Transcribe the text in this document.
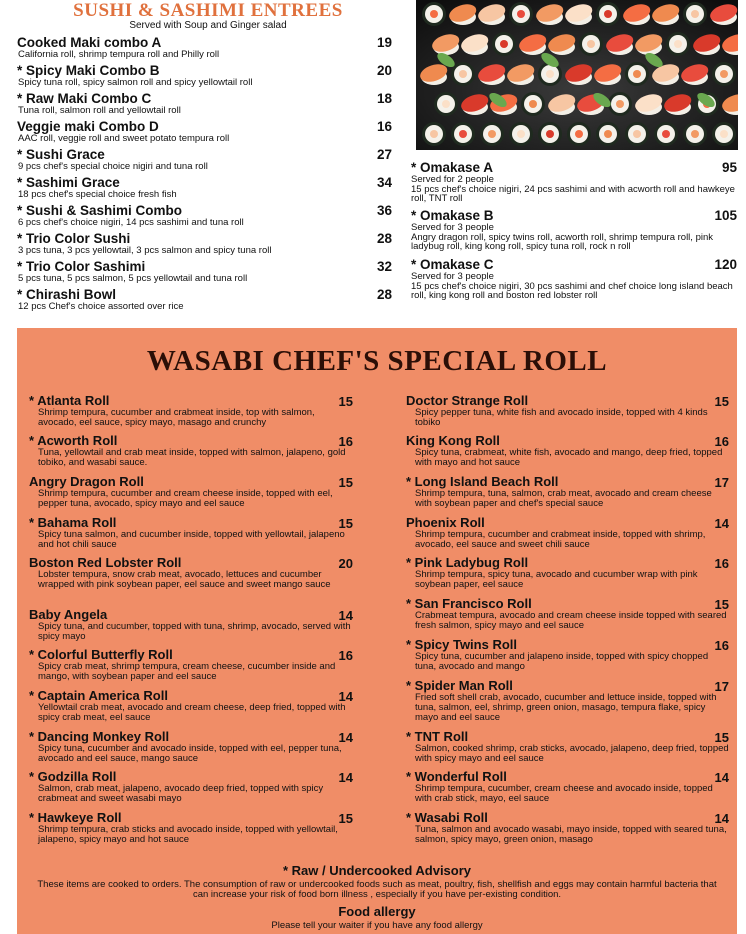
SUSHI & SASHIMI ENTREES
Served with Soup and Ginger salad
Cooked Maki combo A	19
California roll, shrimp tempura roll and Philly roll
* Spicy Maki Combo B	20
Spicy tuna roll, spicy salmon roll and spicy yellowtail roll
* Raw Maki Combo C	18
Tuna roll, salmon roll and yellowtail roll
Veggie maki Combo D	16
AAC roll, veggie roll and sweet potato tempura roll
* Sushi Grace	27
9 pcs chef's special choice nigiri and tuna roll
* Sashimi Grace	34
18 pcs chef's special choice fresh fish
* Sushi & Sashimi Combo	36
6 pcs chef's choice nigiri, 14 pcs sashimi and tuna roll
* Trio Color Sushi	28
3 pcs tuna, 3 pcs yellowtail, 3 pcs salmon and spicy tuna roll
* Trio Color Sashimi	32
5 pcs tuna, 5 pcs salmon, 5 pcs yellowtail and tuna roll
* Chirashi Bowl	28
12 pcs Chef's choice assorted over rice
* Omakase A	95
Served for 2 people
15 pcs chef's choice nigiri, 24 pcs sashimi and with acworth roll and hawkeye roll, TNT roll
* Omakase B	105
Served for 3 people
Angry dragon roll, spicy twins roll, acworth roll, shrimp tempura roll, pink ladybug roll, king kong roll, spicy tuna roll, rock n roll
* Omakase C	120
Served for 3 people
15 pcs chef's choice nigiri, 30 pcs sashimi and chef choice long island beach roll, king kong roll and boston red lobster roll
WASABI CHEF'S SPECIAL ROLL
* Atlanta Roll	15
Shrimp tempura, cucumber and crabmeat inside, top with salmon, avocado, eel sauce, spicy mayo, masago and crunchy
* Acworth Roll	16
Tuna, yellowtail and crab meat inside, topped with salmon, jalapeno, gold tobiko, and wasabi sauce.
Angry Dragon Roll	15
Shrimp tempura, cucumber and cream cheese inside, topped with eel, pepper tuna, avocado, spicy mayo and eel sauce
* Bahama Roll	15
Spicy tuna salmon, and cucumber inside, topped with yellowtail, jalapeno and hot chili sauce
Boston Red Lobster Roll	20
Lobster tempura, snow crab meat, avocado, lettuces and cucumber wrapped with pink soybean paper, eel sauce and sweet mango sauce
Baby Angela	14
Spicy tuna, and cucumber, topped with tuna, shrimp, avocado, served with spicy mayo
* Colorful Butterfly Roll	16
Spicy crab meat, shrimp tempura, cream cheese, cucumber inside and mango, with soybean paper and eel sauce
* Captain America Roll	14
Yellowtail crab meat, avocado and cream cheese, deep fried, topped with spicy crab meat, eel sauce
* Dancing Monkey Roll	14
Spicy tuna, cucumber and avocado inside, topped with eel, pepper tuna, avocado and eel sauce, mango sauce
* Godzilla Roll	14
Salmon, crab meat, jalapeno, avocado deep fried, topped with spicy crabmeat and sweet wasabi mayo
* Hawkeye Roll	15
Shrimp tempura, crab sticks and avocado inside, topped with yellowtail, jalapeno, spicy mayo and hot sauce
Doctor Strange Roll	15
Spicy pepper tuna, white fish and avocado inside, topped with 4 kinds tobiko
King Kong Roll	16
Spicy tuna, crabmeat, white fish, avocado and mango, deep fried, topped with mayo and hot sauce
* Long Island Beach Roll	17
Shrimp tempura, tuna, salmon, crab meat, avocado and cream cheese with soybean paper and chef's special sauce
Phoenix Roll	14
Shrimp tempura, cucumber and crabmeat inside, topped with shrimp, avocado, eel sauce and sweet chili sauce
* Pink Ladybug Roll	16
Shrimp tempura, spicy tuna, avocado and cucumber wrap with pink soybean paper, eel sauce
* San Francisco Roll	15
Crabmeat tempura, avocado and cream cheese inside topped with seared fresh salmon, spicy mayo and eel sauce
* Spicy Twins Roll	16
Spicy tuna, cucumber and jalapeno inside, topped with spicy chopped tuna, avocado and mango
* Spider Man Roll	17
Fried soft shell crab, avocado, cucumber and lettuce inside, topped with tuna, salmon, eel, shrimp, green onion, masago, tempura flake, spicy mayo and eel sauce
* TNT Roll	15
Salmon, cooked shrimp, crab sticks, avocado, jalapeno, deep fried, topped with spicy mayo and eel sauce
* Wonderful Roll	14
Shrimp tempura, cucumber, cream cheese and avocado inside, topped with crab stick, mayo, eel sauce
* Wasabi Roll	14
Tuna, salmon and avocado wasabi, mayo inside, topped with seared tuna, salmon, spicy mayo, green onion, masago
* Raw / Undercooked Advisory
These items are cooked to orders. The consumption of raw or undercooked foods such as meat, poultry, fish, shellfish and eggs may contain harmful bacteria that can increase your risk of food born illness , especially if you have per-existing condition.
Food allergy
Please tell your waiter if you have any food allergy
